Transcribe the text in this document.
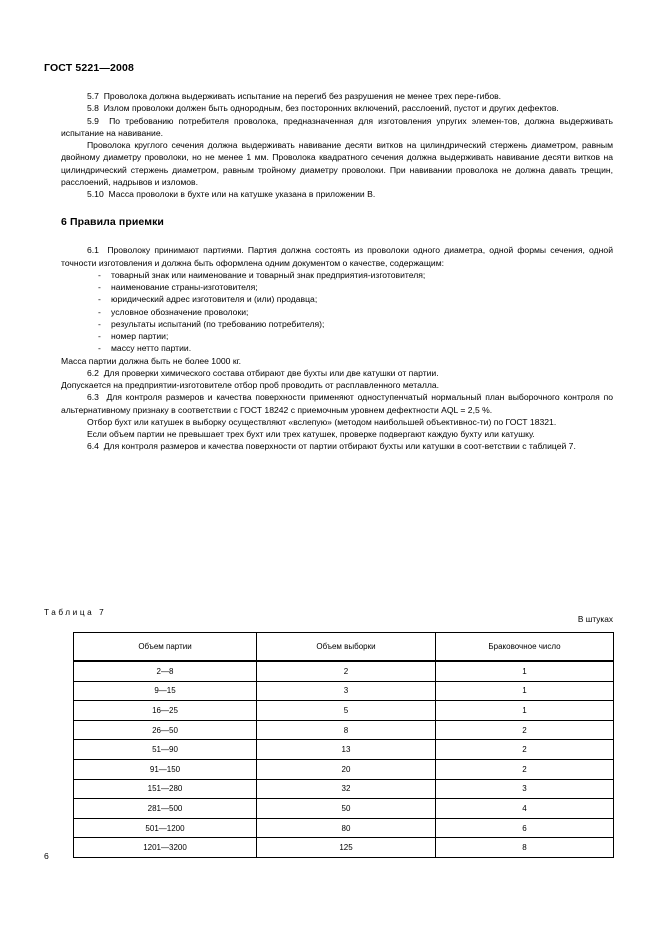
ГОСТ 5221—2008

5.7 Проволока должна выдерживать испытание на перегиб без разрушения не менее трех пере-гибов.

5.8 Излом проволоки должен быть однородным, без посторонних включений, расслоений, пустот и других дефектов.

5.9 По требованию потребителя проволока, предназначенная для изготовления упругих элемен-тов, должна выдерживать испытание на навивание.

Проволока круглого сечения должна выдерживать навивание десяти витков на цилиндрический стержень диаметром, равным двойному диаметру проволоки, но не менее 1 мм. Проволока квадратного сечения должна выдерживать навивание десяти витков на цилиндрический стержень диаметром, равным тройному диаметру проволоки. При навивании проволока не должна давать трещин, расслоений, надрывов и изломов.

5.10 Масса проволоки в бухте или на катушке указана в приложении В.

6 Правила приемки

6.1 Проволоку принимают партиями. Партия должна состоять из проволоки одного диаметра, одной формы сечения, одной точности изготовления и должна быть оформлена одним документом о качестве, содержащим:

- товарный знак или наименование и товарный знак предприятия-изготовителя;
- наименование страны-изготовителя;
- юридический адрес изготовителя и (или) продавца;
- условное обозначение проволоки;
- результаты испытаний (по требованию потребителя);
- номер партии;
- массу нетто партии.

Масса партии должна быть не более 1000 кг.

6.2 Для проверки химического состава отбирают две бухты или две катушки от партии.

Допускается на предприятии-изготовителе отбор проб проводить от расплавленного металла.

6.3 Для контроля размеров и качества поверхности применяют одноступенчатый нормальный план выборочного контроля по альтернативному признаку в соответствии с ГОСТ 18242 с приемочным уровнем дефектности AQL = 2,5 %.

Отбор бухт или катушек в выборку осуществляют «вслепую» (методом наибольшей объективнос-ти) по ГОСТ 18321.

Если объем партии не превышает трех бухт или трех катушек, проверке подвергают каждую бухту или катушку.

6.4 Для контроля размеров и качества поверхности от партии отбирают бухты или катушки в соот-ветствии с таблицей 7.

Таблица 7
В штуках
Объем партии	Объем выборки	Браковочное число
2—8	2	1
9—15	3	1
16—25	5	1
26—50	8	2
51—90	13	2
91—150	20	2
151—280	32	3
281—500	50	4
501—1200	80	6
1201—3200	125	8
6
